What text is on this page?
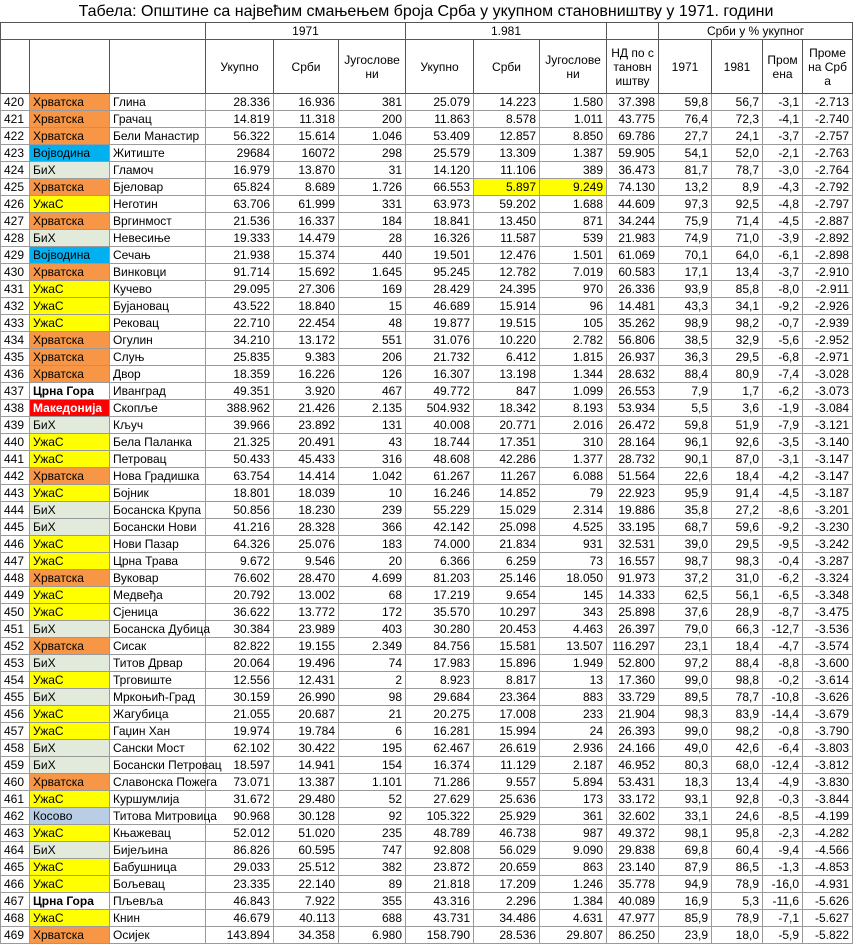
Табела: Општине са највећим смањењем броја Срба у укупном становништву у 1971. години
			1971			1.981				Срби у % укупног			
			Укупно	Срби	Југословени	Укупно	Срби	Југословени	НД по становништву	1971	1981	Промена	Промена Срба
420	Хрватска	Глина	28.336	16.936	381	25.079	14.223	1.580	37.398	59,8	56,7	-3,1	-2.713
421	Хрватска	Грачац	14.819	11.318	200	11.863	8.578	1.011	43.775	76,4	72,3	-4,1	-2.740
422	Хрватска	Бели Манастир	56.322	15.614	1.046	53.409	12.857	8.850	69.786	27,7	24,1	-3,7	-2.757
423	Војводина	Житиште	29684	16072	298	25.579	13.309	1.387	59.905	54,1	52,0	-2,1	-2.763
424	БиХ	Гламоч	16.979	13.870	31	14.120	11.106	389	36.473	81,7	78,7	-3,0	-2.764
425	Хрватска	Бјеловар	65.824	8.689	1.726	66.553	5.897	9.249	74.130	13,2	8,9	-4,3	-2.792
426	УжаС	Неготин	63.706	61.999	331	63.973	59.202	1.688	44.609	97,3	92,5	-4,8	-2.797
427	Хрватска	Вргинмост	21.536	16.337	184	18.841	13.450	871	34.244	75,9	71,4	-4,5	-2.887
428	БиХ	Невесиње	19.333	14.479	28	16.326	11.587	539	21.983	74,9	71,0	-3,9	-2.892
429	Војводина	Сечањ	21.938	15.374	440	19.501	12.476	1.501	61.069	70,1	64,0	-6,1	-2.898
430	Хрватска	Винковци	91.714	15.692	1.645	95.245	12.782	7.019	60.583	17,1	13,4	-3,7	-2.910
431	УжаС	Кучево	29.095	27.306	169	28.429	24.395	970	26.336	93,9	85,8	-8,0	-2.911
432	УжаС	Бујановац	43.522	18.840	15	46.689	15.914	96	14.481	43,3	34,1	-9,2	-2.926
433	УжаС	Рековац	22.710	22.454	48	19.877	19.515	105	35.262	98,9	98,2	-0,7	-2.939
434	Хрватска	Огулин	34.210	13.172	551	31.076	10.220	2.782	56.806	38,5	32,9	-5,6	-2.952
435	Хрватска	Слуњ	25.835	9.383	206	21.732	6.412	1.815	26.937	36,3	29,5	-6,8	-2.971
436	Хрватска	Двор	18.359	16.226	126	16.307	13.198	1.344	28.632	88,4	80,9	-7,4	-3.028
437	Црна Гора	Иванград	49.351	3.920	467	49.772	847	1.099	26.553	7,9	1,7	-6,2	-3.073
438	Македонија	Скопље	388.962	21.426	2.135	504.932	18.342	8.193	53.934	5,5	3,6	-1,9	-3.084
439	БиХ	Кључ	39.966	23.892	131	40.008	20.771	2.016	26.472	59,8	51,9	-7,9	-3.121
440	УжаС	Бела Паланка	21.325	20.491	43	18.744	17.351	310	28.164	96,1	92,6	-3,5	-3.140
441	УжаС	Петровац	50.433	45.433	316	48.608	42.286	1.377	28.732	90,1	87,0	-3,1	-3.147
442	Хрватска	Нова Градишка	63.754	14.414	1.042	61.267	11.267	6.088	51.564	22,6	18,4	-4,2	-3.147
443	УжаС	Бојник	18.801	18.039	10	16.246	14.852	79	22.923	95,9	91,4	-4,5	-3.187
444	БиХ	Босанска Крупа	50.856	18.230	239	55.229	15.029	2.314	19.886	35,8	27,2	-8,6	-3.201
445	БиХ	Босански Нови	41.216	28.328	366	42.142	25.098	4.525	33.195	68,7	59,6	-9,2	-3.230
446	УжаС	Нови Пазар	64.326	25.076	183	74.000	21.834	931	32.531	39,0	29,5	-9,5	-3.242
447	УжаС	Црна Трава	9.672	9.546	20	6.366	6.259	73	16.557	98,7	98,3	-0,4	-3.287
448	Хрватска	Вуковар	76.602	28.470	4.699	81.203	25.146	18.050	91.973	37,2	31,0	-6,2	-3.324
449	УжаС	Медвеђа	20.792	13.002	68	17.219	9.654	145	14.333	62,5	56,1	-6,5	-3.348
450	УжаС	Сјеница	36.622	13.772	172	35.570	10.297	343	25.898	37,6	28,9	-8,7	-3.475
451	БиХ	Босанска Дубица	30.384	23.989	403	30.280	20.453	4.463	26.397	79,0	66,3	-12,7	-3.536
452	Хрватска	Сисак	82.822	19.155	2.349	84.756	15.581	13.507	116.297	23,1	18,4	-4,7	-3.574
453	БиХ	Титов Дрвар	20.064	19.496	74	17.983	15.896	1.949	52.800	97,2	88,4	-8,8	-3.600
454	УжаС	Трговиште	12.556	12.431	2	8.923	8.817	13	17.360	99,0	98,8	-0,2	-3.614
455	БиХ	Мркоњић-Град	30.159	26.990	98	29.684	23.364	883	33.729	89,5	78,7	-10,8	-3.626
456	УжаС	Жагубица	21.055	20.687	21	20.275	17.008	233	21.904	98,3	83,9	-14,4	-3.679
457	УжаС	Гаџин Хан	19.974	19.784	6	16.281	15.994	24	26.393	99,0	98,2	-0,8	-3.790
458	БиХ	Сански Мост	62.102	30.422	195	62.467	26.619	2.936	24.166	49,0	42,6	-6,4	-3.803
459	БиХ	Босански Петровац	18.597	14.941	154	16.374	11.129	2.187	46.952	80,3	68,0	-12,4	-3.812
460	Хрватска	Славонска Пожега	73.071	13.387	1.101	71.286	9.557	5.894	53.431	18,3	13,4	-4,9	-3.830
461	УжаС	Куршумлија	31.672	29.480	52	27.629	25.636	173	33.172	93,1	92,8	-0,3	-3.844
462	Косово	Титова Митровица	90.968	30.128	92	105.322	25.929	361	32.602	33,1	24,6	-8,5	-4.199
463	УжаС	Књажевац	52.012	51.020	235	48.789	46.738	987	49.372	98,1	95,8	-2,3	-4.282
464	БиХ	Бијељина	86.826	60.595	747	92.808	56.029	9.090	29.838	69,8	60,4	-9,4	-4.566
465	УжаС	Бабушница	29.033	25.512	382	23.872	20.659	863	23.140	87,9	86,5	-1,3	-4.853
466	УжаС	Бољевац	23.335	22.140	89	21.818	17.209	1.246	35.778	94,9	78,9	-16,0	-4.931
467	Црна Гора	Пљевља	46.843	7.922	355	43.316	2.296	1.384	40.089	16,9	5,3	-11,6	-5.626
468	УжаС	Книн	46.679	40.113	688	43.731	34.486	4.631	47.977	85,9	78,9	-7,1	-5.627
469	Хрватска	Осијек	143.894	34.358	6.980	158.790	28.536	29.807	86.250	23,9	18,0	-5,9	-5.822
